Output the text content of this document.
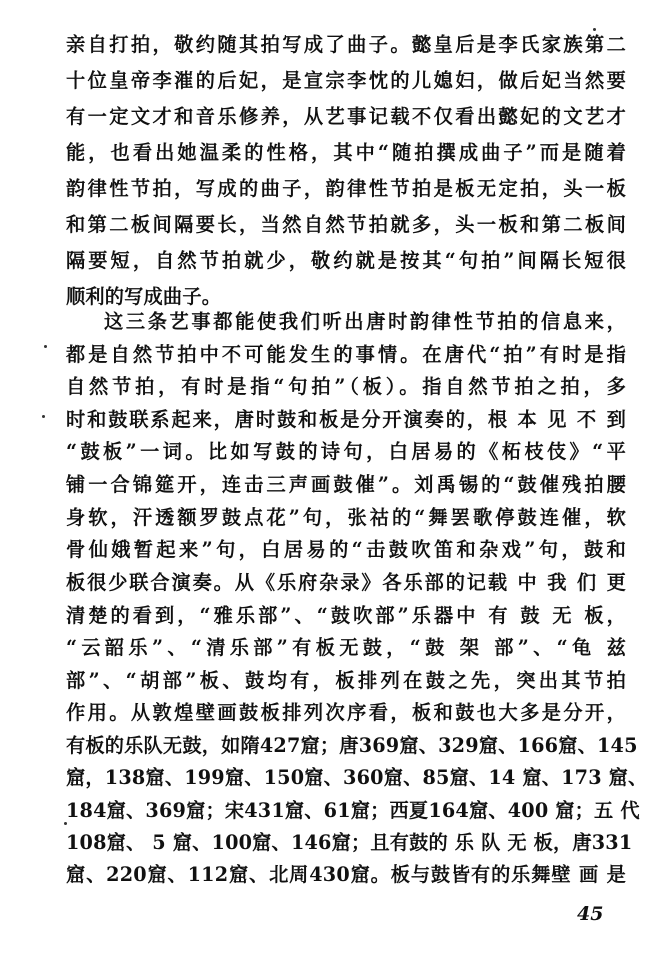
亲自打拍，敬约随其拍写成了曲子。懿皇后是李氏家族第二
十位皇帝李漼的后妃，是宣宗李忱的儿媳妇，做后妃当然要
有一定文才和音乐修养，从艺事记载不仅看出懿妃的文艺才
能，也看出她温柔的性格，其中“随拍撰成曲子”而是随着
韵律性节拍，写成的曲子，韵律性节拍是板无定拍，头一板
和第二板间隔要长，当然自然节拍就多，头一板和第二板间
隔要短，自然节拍就少，敬约就是按其“句拍”间隔长短很
顺利的写成曲子。
这三条艺事都能使我们听出唐时韵律性节拍的信息来，
都是自然节拍中不可能发生的事情。在唐代“拍”有时是指
自然节拍，有时是指“句拍”（板）。指自然节拍之拍，多
时和鼓联系起来，唐时鼓和板是分开演奏的，根 本 见 不 到
“鼓板”一词。比如写鼓的诗句，白居易的《柘枝伎》“平
铺一合锦筵开，连击三声画鼓催”。刘禹锡的“鼓催残拍腰
身软，汗透额罗鼓点花”句，张祜的“舞罢歌停鼓连催，软
骨仙娥暂起来”句，白居易的“击鼓吹笛和杂戏”句，鼓和
板很少联合演奏。从《乐府杂录》各乐部的记载 中 我 们 更
清楚的看到，“雅乐部”、“鼓吹部”乐器中 有 鼓 无 板，
“云韶乐”、“清乐部”有板无鼓，“鼓 架 部”、“龟 兹
部”、“胡部”板、鼓均有，板排列在鼓之先，突出其节拍
作用。从敦煌壁画鼓板排列次序看，板和鼓也大多是分开，
有板的乐队无鼓，如隋427窟；唐369窟、329窟、166窟、145
窟，138窟、199窟、150窟、360窟、85窟、14 窟、173 窟、
184窟、369窟；宋431窟、61窟；西夏164窟、400 窟；五 代
108窟、 5 窟、100窟、146窟；且有鼓的 乐 队 无 板，唐331
窟、220窟、112窟、北周430窟。板与鼓皆有的乐舞壁 画 是
45
